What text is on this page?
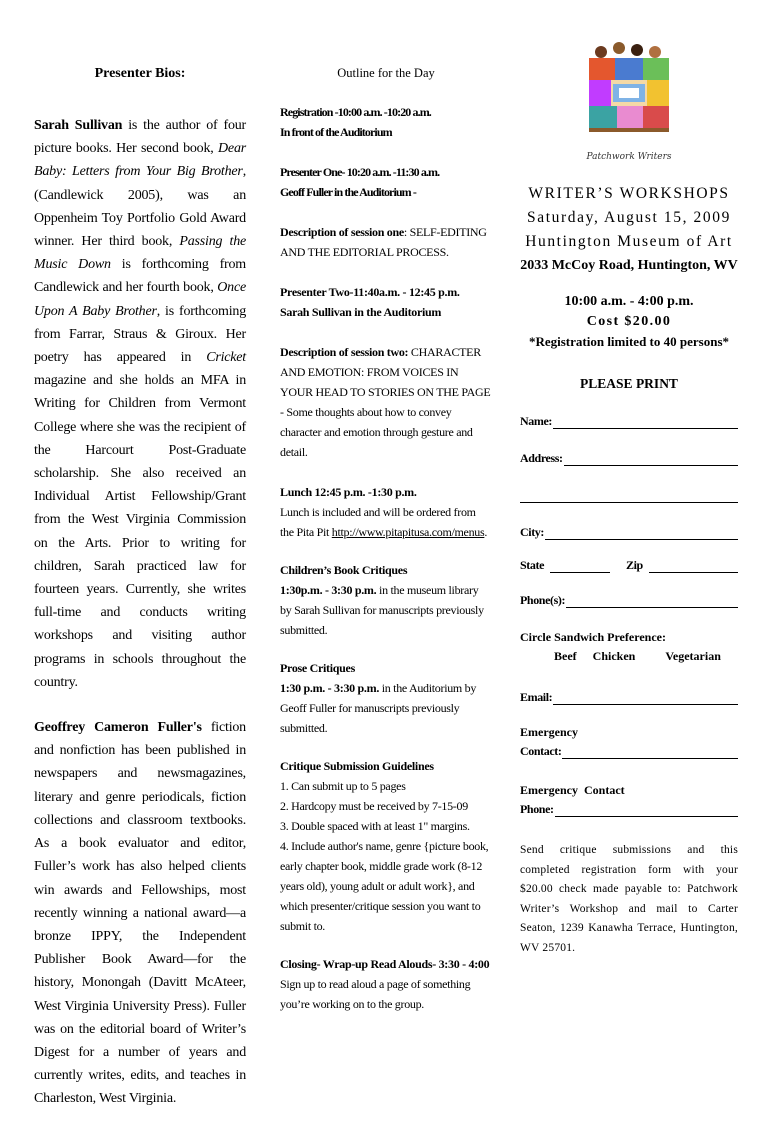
Presenter Bios:

Sarah Sullivan is the author of four picture books. Her second book, Dear Baby: Letters from Your Big Brother, (Candlewick 2005), was an Oppenheim Toy Portfolio Gold Award winner. Her third book, Passing the Music Down is forthcoming from Candlewick and her fourth book, Once Upon A Baby Brother, is forthcoming from Farrar, Straus & Giroux. Her poetry has appeared in Cricket magazine and she holds an MFA in Writing for Children from Vermont College where she was the recipient of the Harcourt Post-Graduate scholarship. She also received an Individual Artist Fellowship/Grant from the West Virginia Commission on the Arts. Prior to writing for children, Sarah practiced law for fourteen years. Currently, she writes full-time and conducts writing workshops and visiting author programs in schools throughout the country.

Geoffrey Cameron Fuller's fiction and nonfiction has been published in newspapers and newsmagazines, literary and genre periodicals, fiction collections and classroom textbooks. As a book evaluator and editor, Fuller’s work has also helped clients win awards and Fellowships, most recently winning a national award—a bronze IPPY, the Independent Publisher Book Award—for the history, Monongah (Davitt McAteer, West Virginia University Press). Fuller was on the editorial board of Writer’s Digest for a number of years and currently writes, edits, and teaches in Charleston, West Virginia.

Outline for the Day
Registration -10:00 a.m. -10:20 a.m.
In front of the Auditorium
Presenter One- 10:20 a.m. -11:30 a.m.
Geoff Fuller in the Auditorium -
Description of session one: SELF-EDITING AND THE EDITORIAL PROCESS.
Presenter Two-11:40a.m. - 12:45 p.m.
Sarah Sullivan in the Auditorium
Description of session two: CHARACTER AND EMOTION: FROM VOICES IN YOUR HEAD TO STORIES ON THE PAGE - Some thoughts about how to convey character and emotion through gesture and detail.
Lunch 12:45 p.m. -1:30 p.m.
Lunch is included and will be ordered from the Pita Pit http://www.pitapitusa.com/menus.
Children’s Book Critiques
1:30p.m. - 3:30 p.m. in the museum library by Sarah Sullivan for manuscripts previously submitted.
Prose Critiques
1:30 p.m. - 3:30 p.m. in the Auditorium by Geoff Fuller for manuscripts previously submitted.
Critique Submission Guidelines
1. Can submit up to 5 pages
2. Hardcopy must be received by 7-15-09
3. Double spaced with at least 1" margins.
4. Include author's name, genre {picture book, early chapter book, middle grade work (8-12 years old), young adult or adult work}, and which presenter/critique session you want to submit to.
Closing- Wrap-up Read Alouds- 3:30 - 4:00
Sign up to read aloud a page of something you’re working on to the group.
Patchwork Writers
WRITER’S WORKSHOPS
Saturday, August 15, 2009
Huntington Museum of Art
2033 McCoy Road, Huntington, WV
10:00 a.m. - 4:00 p.m.
Cost $20.00
*Registration limited to 40 persons*
PLEASE PRINT
Name:
Address:
City:
State	Zip
Phone(s):
Circle Sandwich Preference:
Beef Chicken	Vegetarian
Email:
Emergency
Contact:
Emergency  Contact
Phone:
Send critique submissions and this completed registration form with your $20.00 check made payable to: Patchwork Writer’s Workshop and mail to Carter Seaton, 1239 Kanawha Terrace, Huntington, WV 25701.
